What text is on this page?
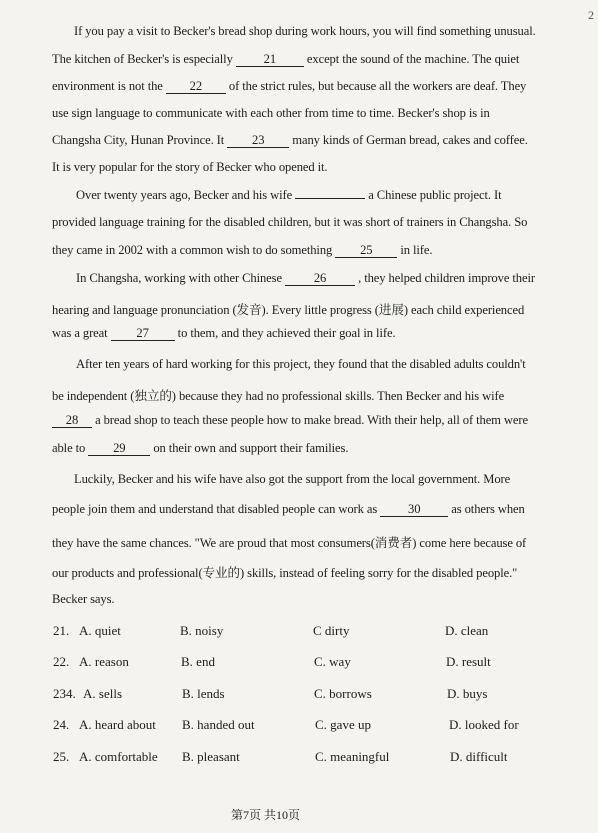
2
If you pay a visit to Becker's bread shop during work hours, you will find something unusual.
The kitchen of Becker's is especially 21 except the sound of the machine. The quiet
environment is not the 22 of the strict rules, but because all the workers are deaf. They
use sign language to communicate with each other from time to time. Becker's shop is in
Changsha City, Hunan Province. It 23 many kinds of German bread, cakes and coffee.
It is very popular for the story of Becker who opened it.
Over twenty years ago, Becker and his wife	a Chinese public project. It
provided language training for the disabled children, but it was short of trainers in Changsha. So
they came in 2002 with a common wish to do something 25 in life.
In Changsha, working with other Chinese	26	, they helped children improve their
hearing and language pronunciation (发音). Every little progress (进展) each child experienced
was a great 27 to them, and they achieved their goal in life.
After ten years of hard working for this project, they found that the disabled adults couldn't
be independent (独立的) because they had no professional skills. Then Becker and his wife
28 a bread shop to teach these people how to make bread. With their help, all of them were
able to 29 on their own and support their families.
Luckily, Becker and his wife have also got the support from the local government. More
people join them and understand that disabled people can work as 30 as others when
they have the same chances. "We are proud that most consumers(消费者) come here because of
our products and professional(专业的) skills, instead of feeling sorry for the disabled people."
Becker says.
21. A. quiet	B. noisy	C dirty	D. clean
22. A. reason	B. end	C. way	D. result
234. A. sells	B. lends	C. borrows	D. buys
24. A. heard about B. handed out	C. gave up	D. looked for
25. A. comfortable B. pleasant	C. meaningful	D. difficult
第7页 共10页
